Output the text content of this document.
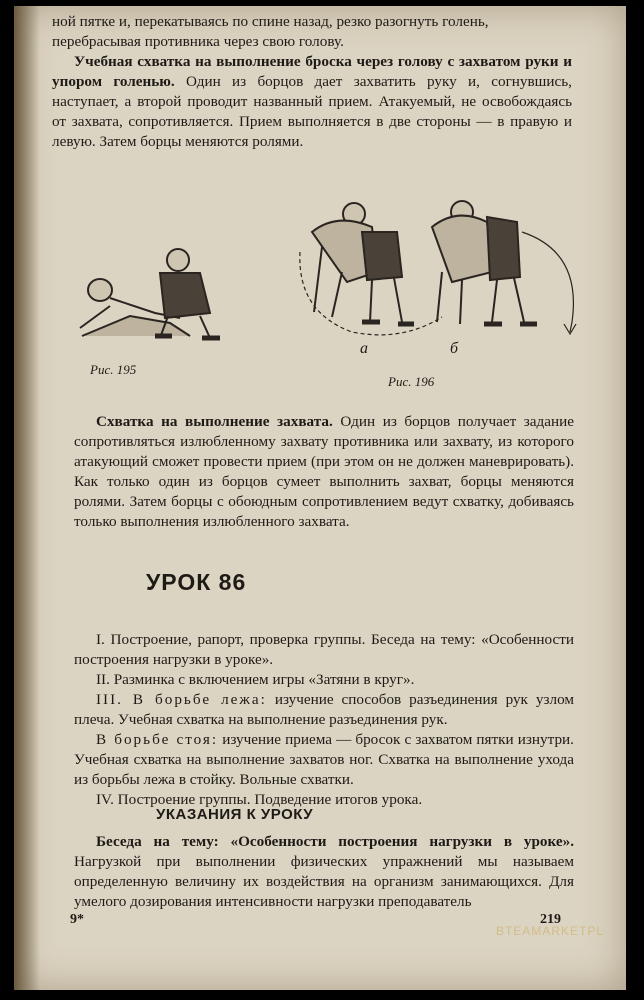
ной пятке и, перекатываясь по спине назад, резко разогнуть голень,

перебрасывая противника через свою голову.

Учебная схватка на выполнение броска через голову с захватом руки и упором голенью. Один из борцов дает захватить руку и, согнувшись, наступает, а второй проводит названный прием. Атакуемый, не освобождаясь от захвата, сопротивляется. Прием выполняется в две стороны — в правую и левую. Затем борцы меняются ролями.

Рис. 195
а	б
Рис. 196

Схватка на выполнение захвата. Один из борцов получает задание сопротивляться излюбленному захвату противника или захвату, из которого атакующий сможет провести прием (при этом он не должен маневрировать). Как только один из борцов сумеет выполнить захват, борцы меняются ролями. Затем борцы с обоюдным сопротивлением ведут схватку, добиваясь только выполнения излюбленного захвата.

УРОК 86

I. Построение, рапорт, проверка группы. Беседа на тему: «Особенности построения нагрузки в уроке».

II. Разминка с включением игры «Затяни в круг».

III. В борьбе лежа: изучение способов разъединения рук узлом плеча. Учебная схватка на выполнение разъединения рук.

В борьбе стоя: изучение приема — бросок с захватом пятки изнутри. Учебная схватка на выполнение захватов ног. Схватка на выполнение ухода из борьбы лежа в стойку. Вольные схватки.

IV. Построение группы. Подведение итогов урока.

УКАЗАНИЯ К УРОКУ

Беседа на тему: «Особенности построения нагрузки в уроке». Нагрузкой при выполнении физических упражнений мы называем определенную величину их воздействия на организм занимающихся. Для умелого дозирования интенсивности нагрузки преподаватель

9*	219
BTEAMARKETPL
